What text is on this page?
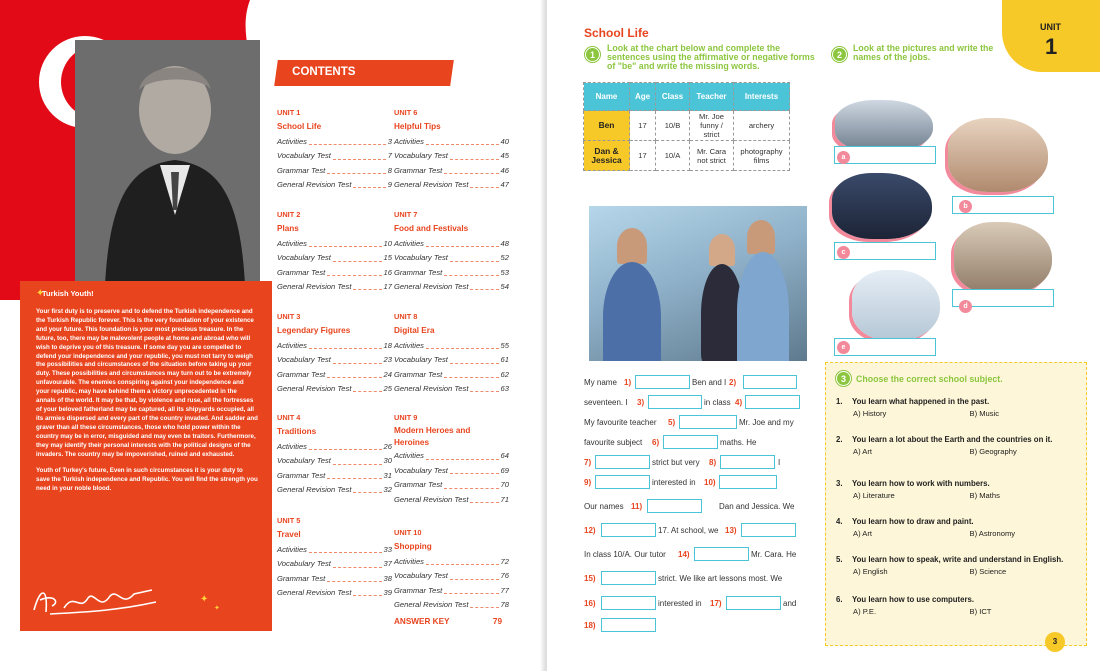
Turkish Youth!
Your first duty is to preserve and to defend the Turkish independence and the Turkish Republic forever. This is the very foundation of your existence and your future. This foundation is your most precious treasure. In the future, too, there may be malevolent people at home and abroad who will wish to deprive you of this treasure. If some day you are compelled to defend your independence and your republic, you must not tarry to weigh the possibilities and circumstances of the situation before taking up your duty. These possibilities and circumstances may turn out to be extremely unfavourable. The enemies conspiring against your independence and your republic, may have behind them a victory unprecedented in the annals of the world. It may be that, by violence and ruse, all the fortresses of your beloved fatherland may be captured, all its shipyards occupied, all its armies dispersed and every part of the country invaded. And sadder and graver than all these circumstances, those who hold power within the country may be in error, misguided and may even be traitors. Furthermore, they may identify their personal interests with the political designs of the invaders. The country may be impoverished, ruined and exhausted.
Youth of Turkey's future, Even in such circumstances it is your duty to save the Turkish independence and Republic. You will find the strength you need in your noble blood.
✦
✦
✦
CONTENTS
UNIT 1
School Life
Activities	3
Vocabulary Test	7
Grammar Test	8
General Revision Test	9
UNIT 2
Plans
Activities	10
Vocabulary Test	15
Grammar Test	16
General Revision Test	17
UNIT 3
Legendary Figures
Activities	18
Vocabulary Test	23
Grammar Test	24
General Revision Test	25
UNIT 4
Traditions
Activities	26
Vocabulary Test	30
Grammar Test	31
General Revision Test	32
UNIT 5
Travel
Activities	33
Vocabulary Test	37
Grammar Test	38
General Revision Test	39
UNIT 6
Helpful Tips
Activities	40
Vocabulary Test	45
Grammar Test	46
General Revision Test	47
UNIT 7
Food and Festivals
Activities	48
Vocabulary Test	52
Grammar Test	53
General Revision Test	54
UNIT 8
Digital Era
Activities	55
Vocabulary Test	61
Grammar Test	62
General Revision Test	63
UNIT 9
Modern Heroes and Heroines
Activities	64
Vocabulary Test	69
Grammar Test	70
General Revision Test	71
UNIT 10
Shopping
Activities	72
Vocabulary Test	76
Grammar Test	77
General Revision Test	78
ANSWER KEY	79
UNIT
1
School Life
1
Look at the chart below and complete the sentences using the affirmative or negative forms of "be" and write the missing words.
2
Look at the pictures and write the names of the jobs.
Name	Age	Class	Teacher	Interests
Ben	17	10/B	Mr. Joe funny / strict	archery
Dan & Jessica	17	10/A	Mr. Cara not strict	photography films	a
b
c
d
e
My name 1)	Ben and I 2)
seventeen. I 3)	in class 4)
My favourite teacher 5)	Mr. Joe and my
favourite subject 6)	maths. He
7)	strict but very 8)	I
9)	interested in 10)
Our names 11)	Dan and Jessica. We
12)	17. At school, we 13)
In class 10/A. Our tutor 14)	Mr. Cara. He
15)	strict. We like art lessons most. We
16)	interested in 17)	and
18)
3	Choose the correct school subject.
1. You learn what happened in the past.
A) History	B) Music
2. You learn a lot about the Earth and the countries on it.
A) Art	B) Geography
3. You learn how to work with numbers.
A) Literature	B) Maths
4. You learn how to draw and paint.
A) Art	B) Astronomy
5. You learn how to speak, write and understand in English.
A) English	B) Science
6. You learn how to use computers.
A) P.E.	B) ICT
3
